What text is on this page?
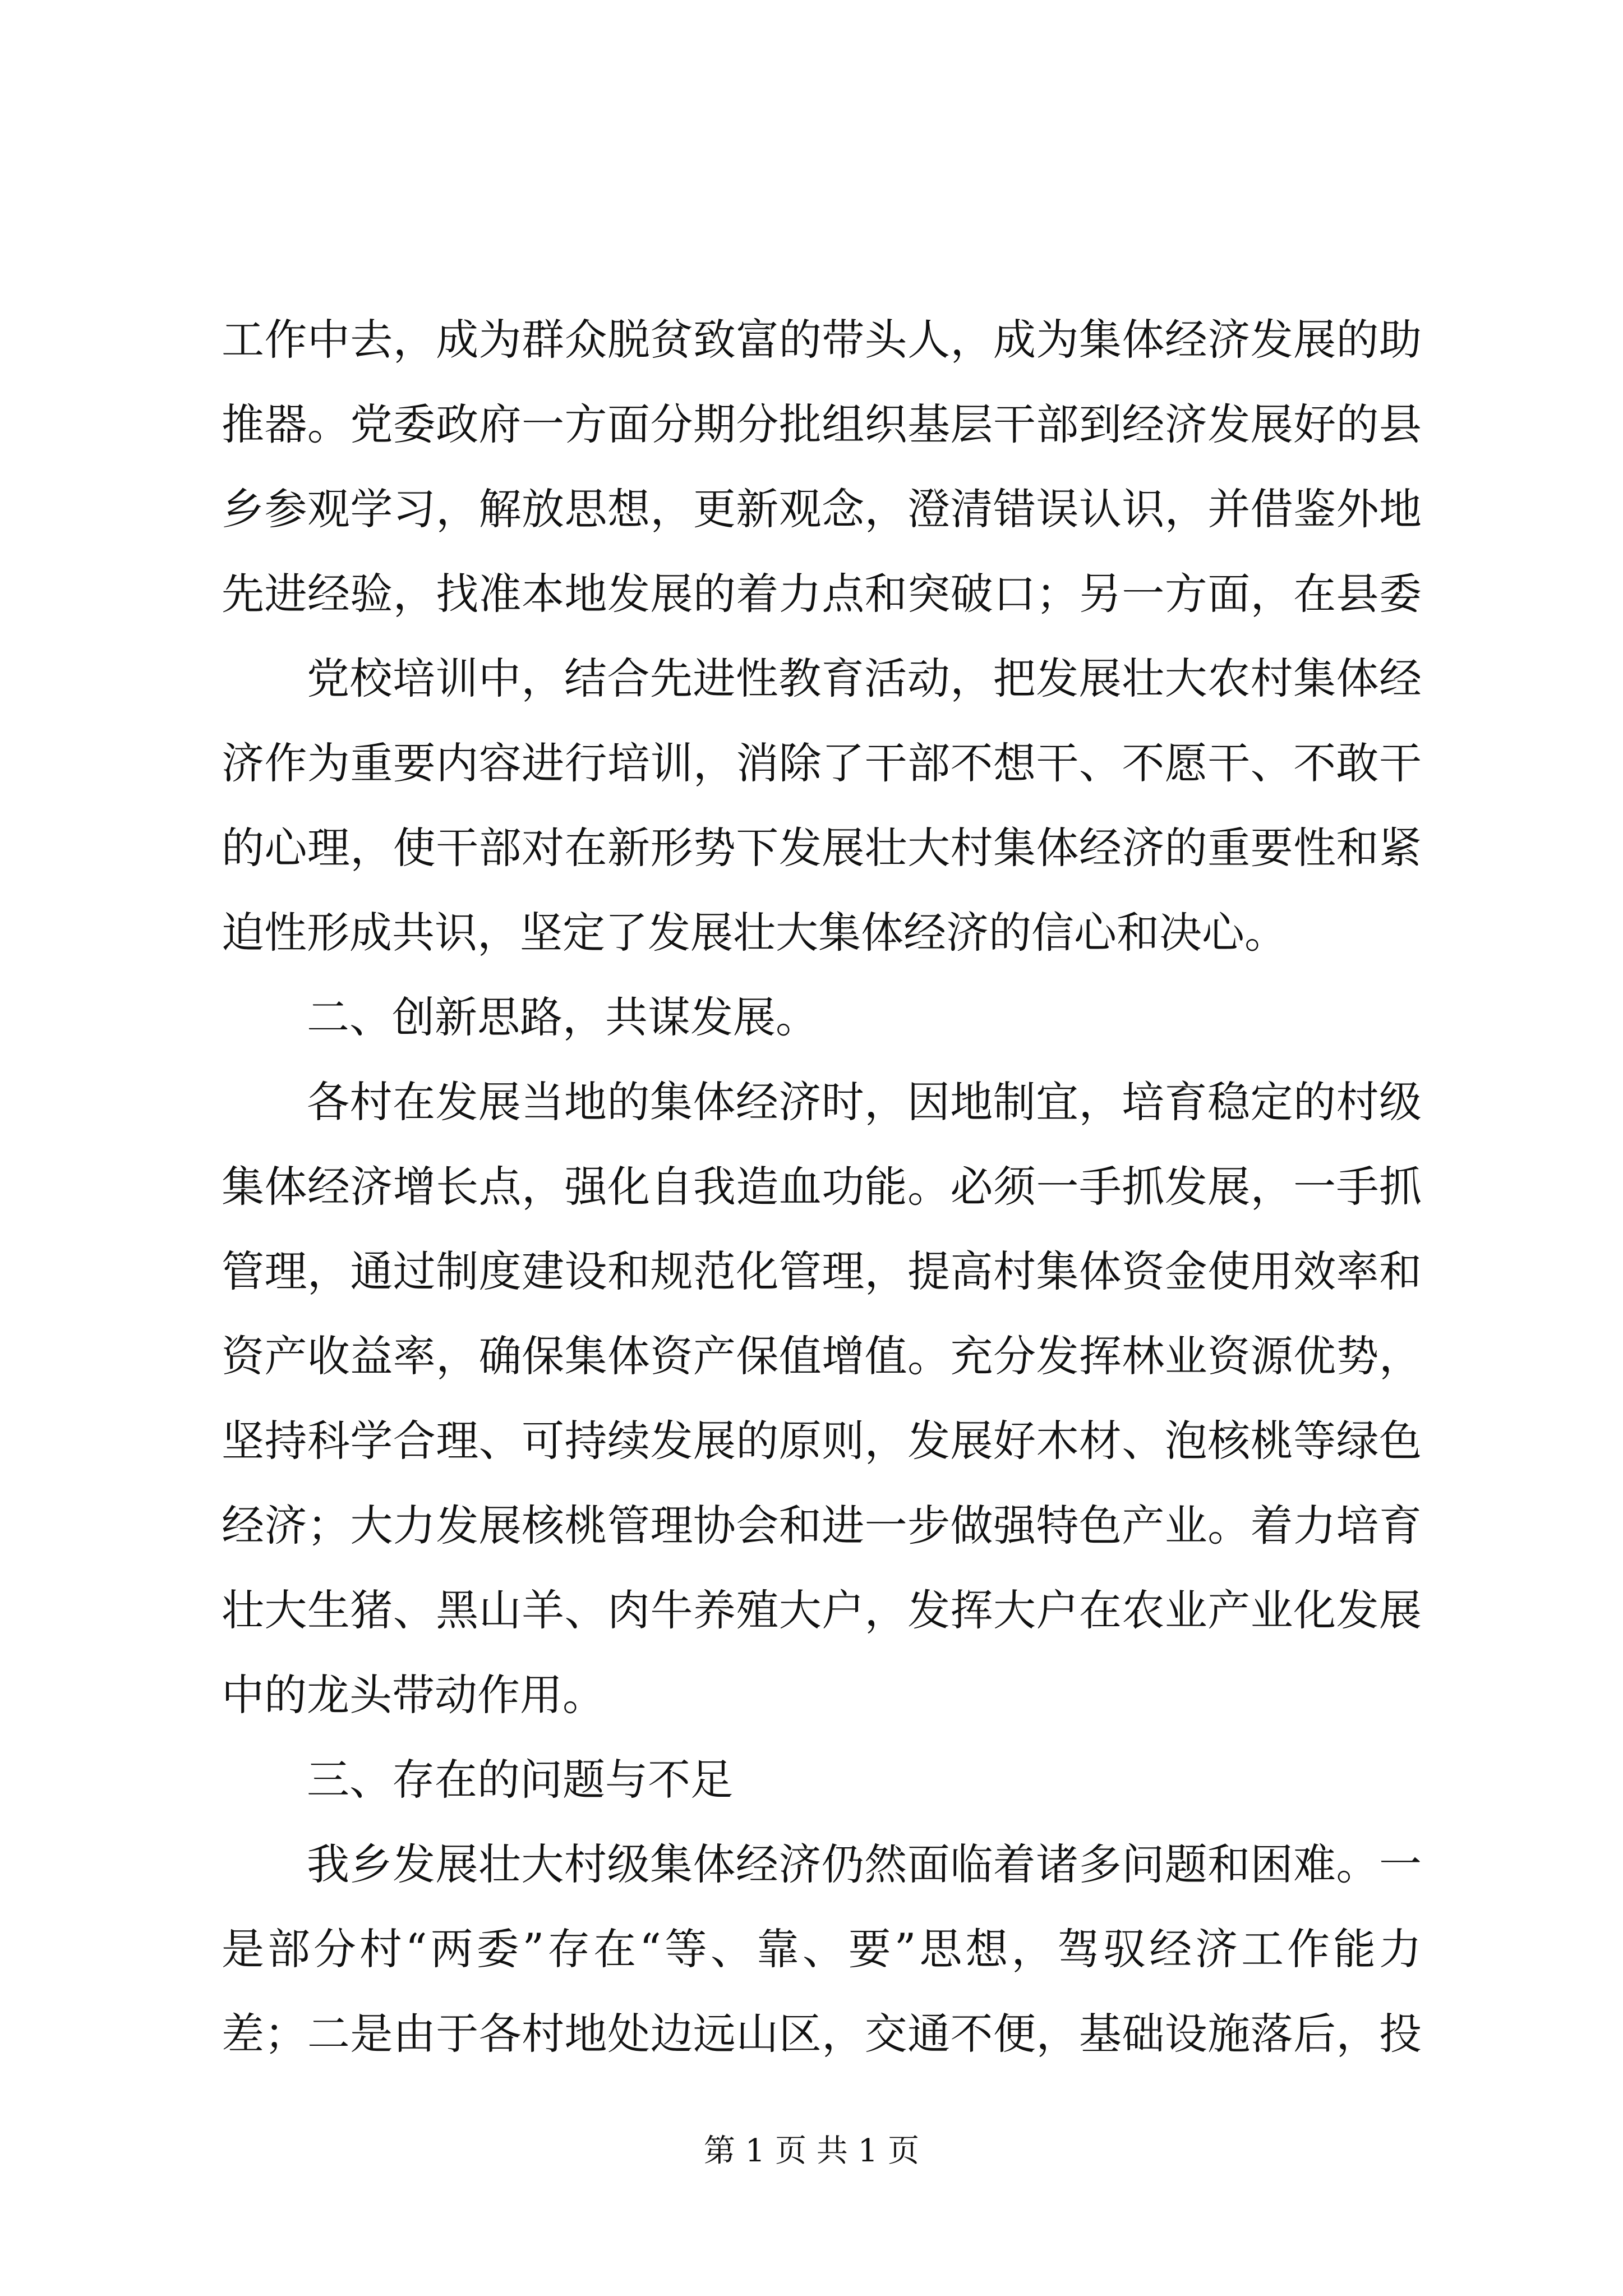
工作中去，成为群众脱贫致富的带头人，成为集体经济发展的助
推器。党委政府一方面分期分批组织基层干部到经济发展好的县
乡参观学习，解放思想，更新观念，澄清错误认识，并借鉴外地
先进经验，找准本地发展的着力点和突破口；另一方面，在县委
党校培训中，结合先进性教育活动，把发展壮大农村集体经
济作为重要内容进行培训，消除了干部不想干、不愿干、不敢干
的心理，使干部对在新形势下发展壮大村集体经济的重要性和紧
迫性形成共识，坚定了发展壮大集体经济的信心和决心。
二、创新思路，共谋发展。
各村在发展当地的集体经济时，因地制宜，培育稳定的村级
集体经济增长点，强化自我造血功能。必须一手抓发展，一手抓
管理，通过制度建设和规范化管理，提高村集体资金使用效率和
资产收益率，确保集体资产保值增值。充分发挥林业资源优势，
坚持科学合理、可持续发展的原则，发展好木材、泡核桃等绿色
经济；大力发展核桃管理协会和进一步做强特色产业。着力培育
壮大生猪、黑山羊、肉牛养殖大户，发挥大户在农业产业化发展
中的龙头带动作用。
三、存在的问题与不足
我乡发展壮大村级集体经济仍然面临着诸多问题和困难。一
是部分村“两委”存在“等、靠、要”思想，驾驭经济工作能力
差；二是由于各村地处边远山区，交通不便，基础设施落后，投
第 1 页 共 1 页
